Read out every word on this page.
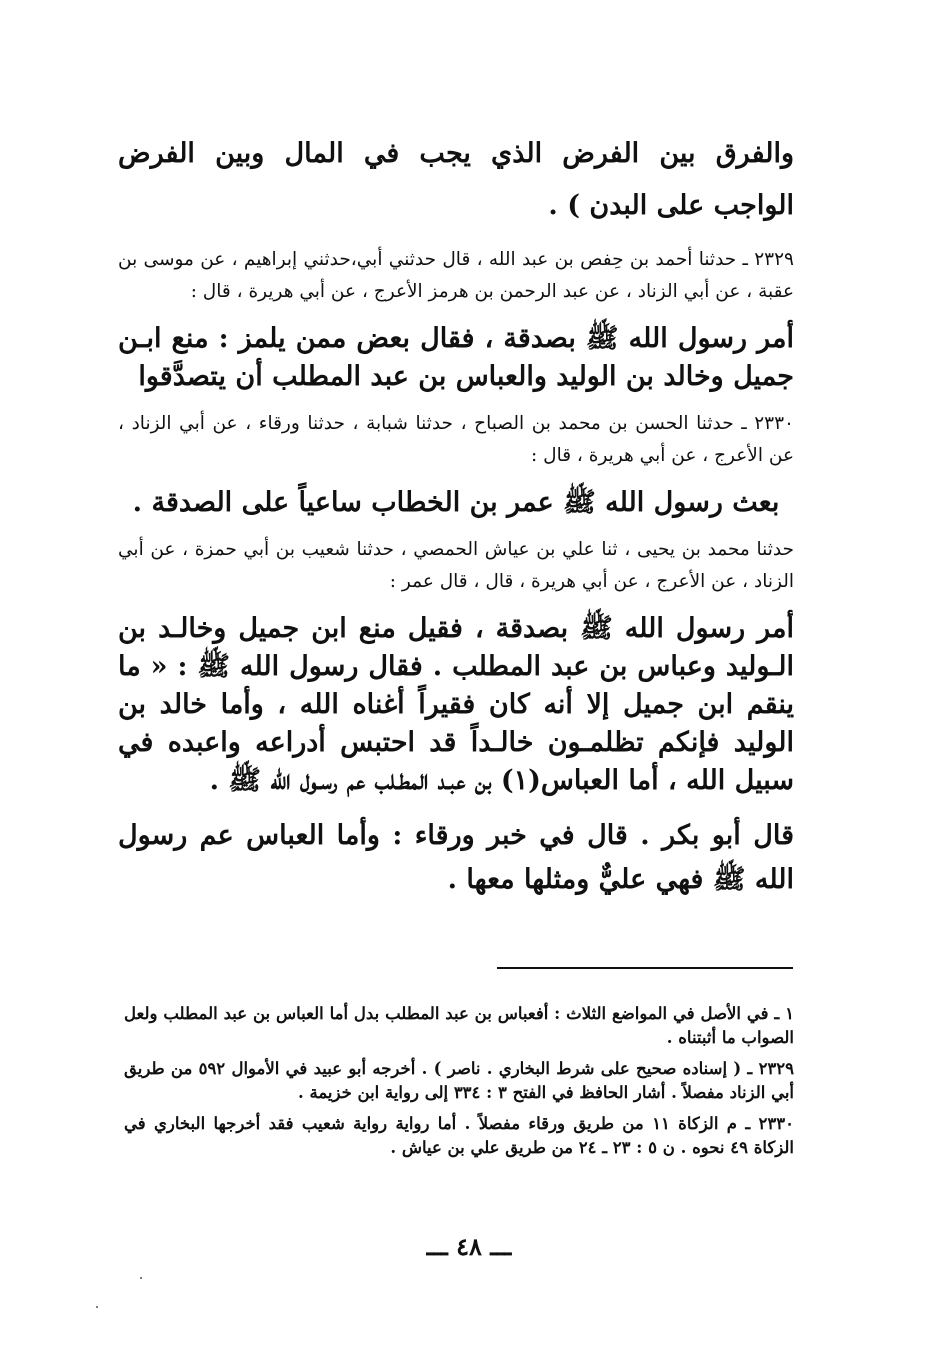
والفرق بين الفرض الذي يجب في المال وبين الفرض الواجب على البدن ) .

٢٣٢٩ ـ حدثنا أحمد بن حِفص بن عبد الله ، قال حدثني أبي،حدثني إبراهيم ، عن موسى بن عقبة ، عن أبي الزناد ، عن عبد الرحمن بن هرمز الأعرج ، عن أبي هريرة ، قال :

أمر رسول الله ﷺ بصدقة ، فقال بعض ممن يلمز : منع ابـن جميل وخالد بن الوليد والعباس بن عبد المطلب أن يتصدَّقوا

٢٣٣٠ ـ حدثنا الحسن بن محمد بن الصباح ، حدثنا شبابة ، حدثنا ورقاء ، عن أبي الزناد ، عن الأعرج ، عن أبي هريرة ، قال :

بعث رسول الله ﷺ عمر بن الخطاب ساعياً على الصدقة .

حدثنا محمد بن يحيى ، ثنا علي بن عياش الحمصي ، حدثنا شعيب بن أبي حمزة ، عن أبي الزناد ، عن الأعرج ، عن أبي هريرة ، قال ، قال عمر :

أمر رسول الله ﷺ بصدقة ، فقيل منع ابن جميل وخالـد بن الـوليد وعباس بن عبد المطلب . فقال رسول الله ﷺ : « ما ينقم ابن جميل إلا أنه كان فقيراً أغناه الله ، وأما خالد بن الوليد فإنكم تظلمـون خالـداً قد احتبس أدراعه واعبده في سبيل الله ، أما العباس(١) بن عبـد المطـلب عم رسـول الله ﷺ .

قال أبو بكر . قال في خبر ورقاء : وأما العباس عم رسول الله ﷺ فهي عليٌّ ومثلها معها .

١ ـ في الأصل في المواضع الثلاث : أفعباس بن عبد المطلب بدل أما العباس بن عبد المطلب ولعل الصواب ما أثبتناه .

٢٣٢٩ ـ ( إسناده صحيح على شرط البخاري . ناصر ) . أخرجه أبو عبيد في الأموال ٥٩٢ من طريق أبي الزناد مفصلاً . أشار الحافظ في الفتح ٣ : ٣٣٤ إلى رواية ابن خزيمة .

٢٣٣٠ ـ م الزكاة ١١ من طريق ورقاء مفصلاً . أما رواية رواية شعيب فقد أخرجها البخاري في الزكاة ٤٩ نحوه . ن ٥ : ٢٣ ـ ٢٤ من طريق علي بن عياش .

ـــ ٤٨ ـــ
